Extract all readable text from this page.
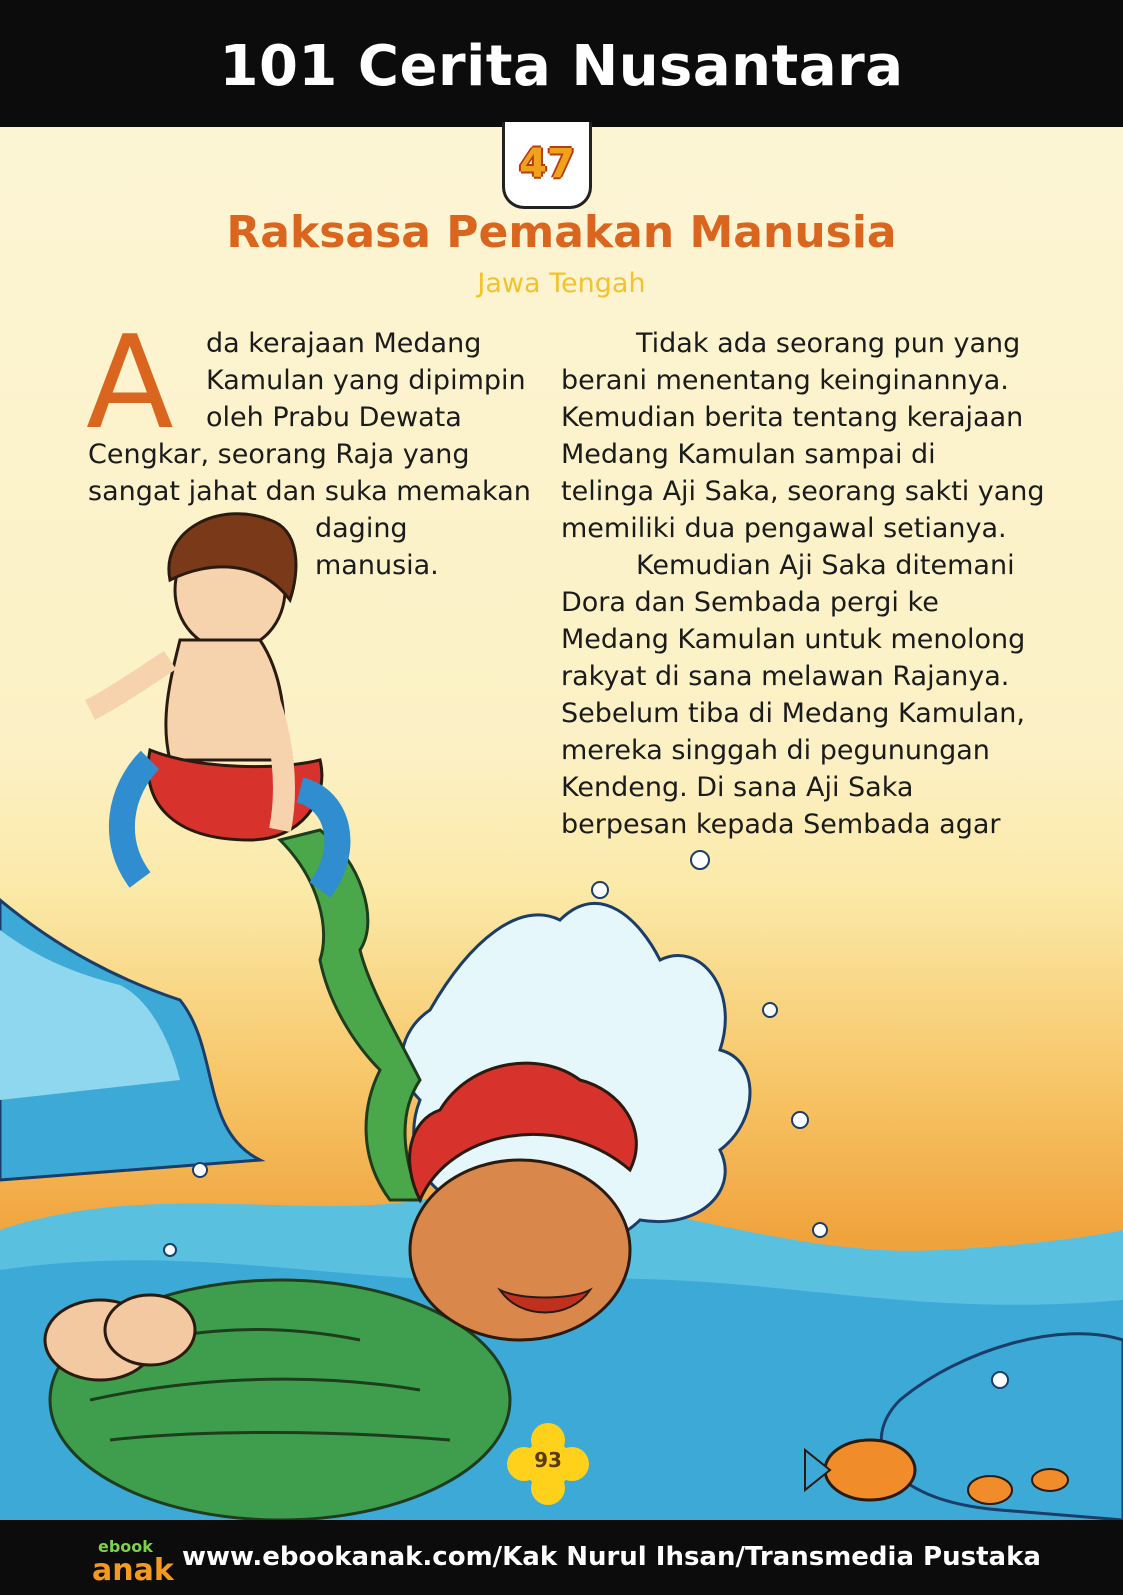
101 Cerita Nusantara
47
Raksasa Pemakan Manusia
Jawa Tengah
A da kerajaan Medang
Kamulan yang dipimpin
oleh Prabu Dewata
Cengkar, seorang Raja yang
sangat jahat dan suka memakan
daging
manusia.
Tidak ada seorang pun yang
berani menentang keinginannya.
Kemudian berita tentang kerajaan
Medang Kamulan sampai di
telinga Aji Saka, seorang sakti yang
memiliki dua pengawal setianya.
Kemudian Aji Saka ditemani
Dora dan Sembada pergi ke
Medang Kamulan untuk menolong
rakyat di sana melawan Rajanya.
Sebelum tiba di Medang Kamulan,
mereka singgah di pegunungan
Kendeng. Di sana Aji Saka
berpesan kepada Sembada agar
93
ebook
anak www.ebookanak.com/Kak Nurul Ihsan/Transmedia Pustaka
